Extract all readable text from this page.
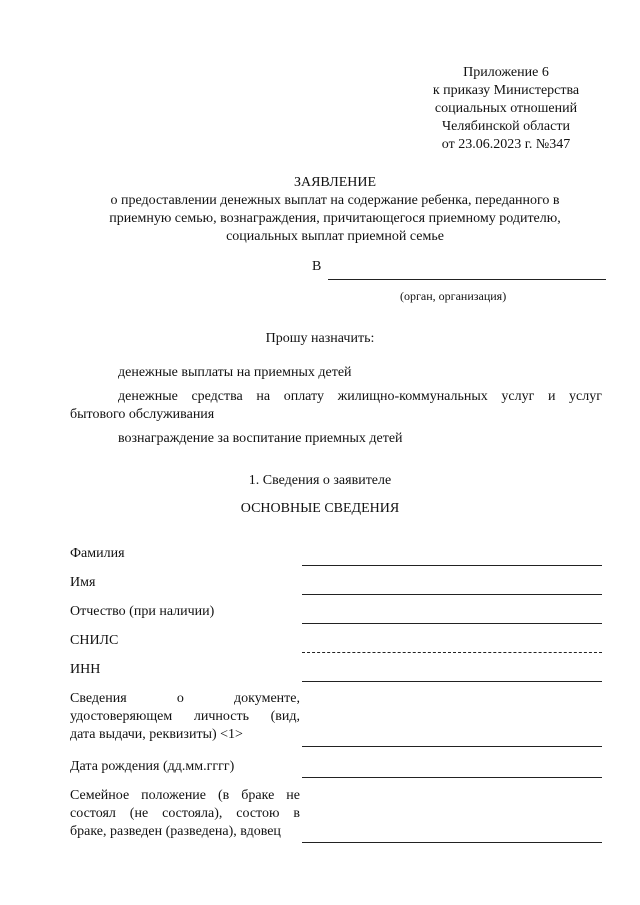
Приложение 6
к приказу Министерства
социальных отношений
Челябинской области
от 23.06.2023 г. №347
ЗАЯВЛЕНИЕ
о предоставлении денежных выплат на содержание ребенка, переданного в
приемную семью, вознаграждения, причитающегося приемному родителю,
социальных выплат приемной семье
В
(орган, организация)
Прошу назначить:
денежные выплаты на приемных детей
денежные средства на оплату жилищно-коммунальных услуг и услуг
бытового обслуживания
вознаграждение за воспитание приемных детей
1. Сведения о заявителе
ОСНОВНЫЕ СВЕДЕНИЯ
Фамилия
Имя
Отчество (при наличии)
СНИЛС
ИНН
Сведения о документе,
удостоверяющем личность (вид,
дата выдачи, реквизиты) <1>
Дата рождения (дд.мм.гггг)
Семейное положение (в браке не
состоял (не состояла), состою в
браке, разведен (разведена), вдовец
